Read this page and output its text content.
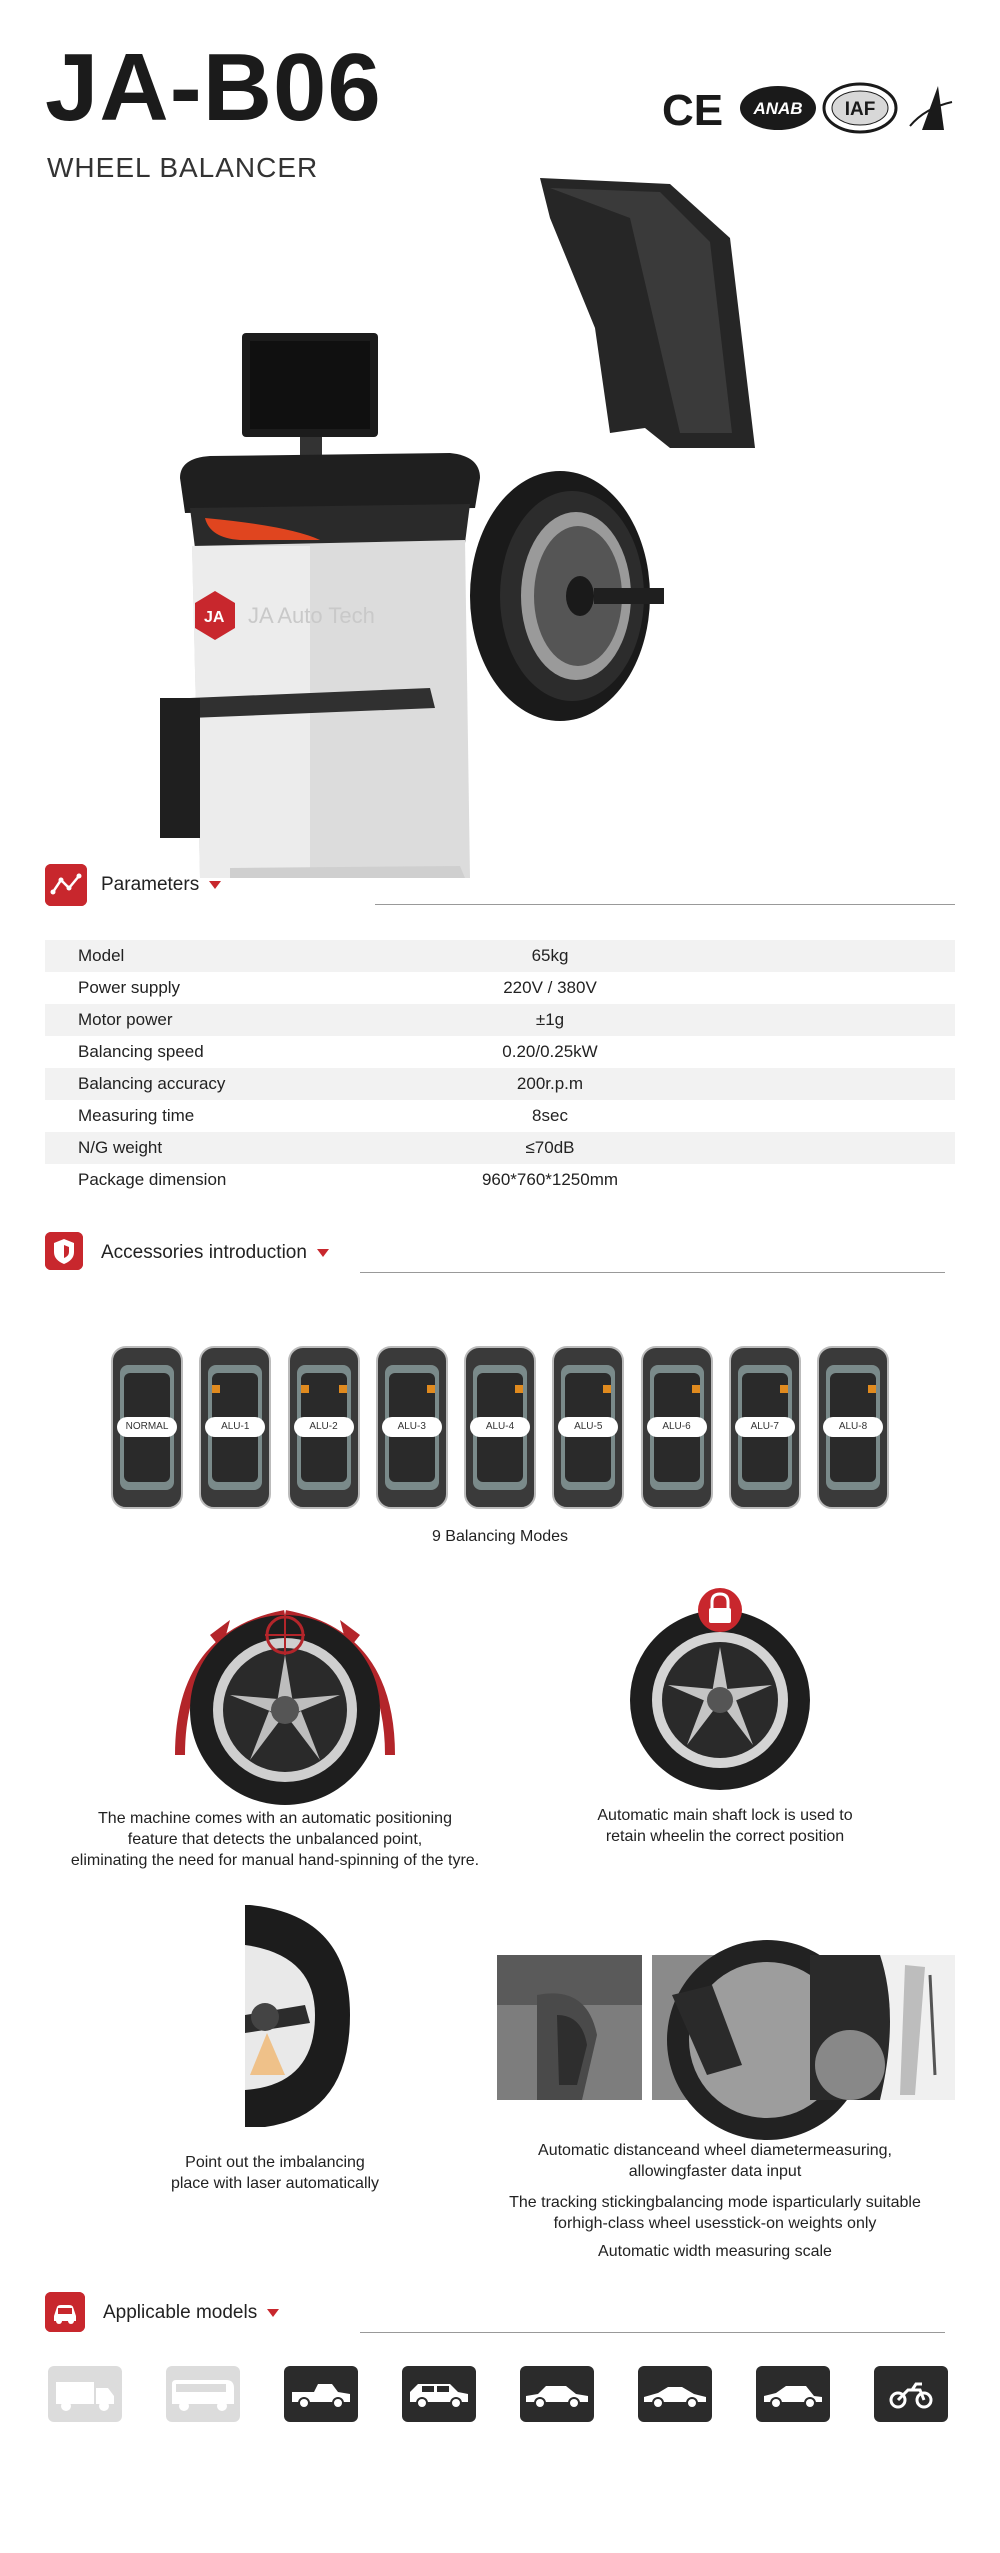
JA-B06
WHEEL BALANCER
CE ANAB IAF
JA JA Auto Tech
Parameters
Model	65kg
Power supply	220V / 380V
Motor power	±1g
Balancing speed	0.20/0.25kW
Balancing accuracy	200r.p.m
Measuring time	8sec
N/G weight	≤70dB
Package dimension	960*760*1250mm
Accessories introduction
NORMAL	ALU-1	ALU-2	ALU-3	ALU-4	ALU-5	ALU-6	ALU-7	ALU-8
9 Balancing Modes
The machine comes with an automatic positioning
feature that detects the unbalanced point,
eliminating the need for manual hand-spinning of the tyre.
Automatic main shaft lock is used to
retain wheelin the correct position
Point out the imbalancing
place with laser automatically
Automatic distanceand wheel diametermeasuring,
allowingfaster data input
The tracking stickingbalancing mode isparticularly suitable
forhigh-class wheel usesstick-on weights only
Automatic width measuring scale
Applicable models
